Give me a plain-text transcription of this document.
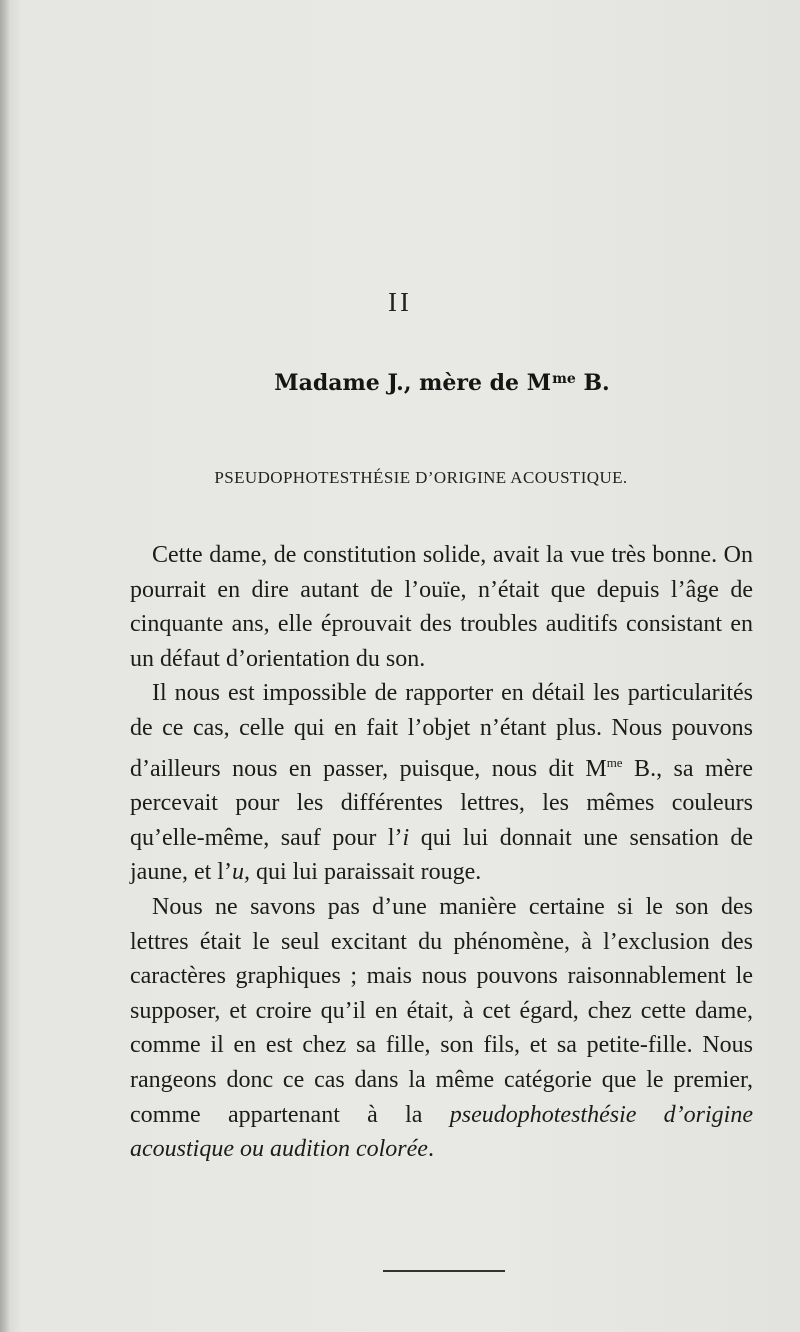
II
Madame J., mère de $M^{me}$ B.
PSEUDOPHOTESTHÉSIE D’ORIGINE ACOUSTIQUE.

Cette dame, de constitution solide, avait la vue très bonne. On pourrait en dire autant de l’ouïe, n’était que depuis l’âge de cinquante ans, elle éprouvait des troubles auditifs consistant en un défaut d’orientation du son.

Il nous est impossible de rapporter en détail les particularités de ce cas, celle qui en fait l’objet n’étant plus. Nous pouvons d’ailleurs nous en passer, puisque, nous dit $M^{me}$ B., sa mère percevait pour les différentes lettres, les mêmes couleurs qu’elle-même, sauf pour l’i qui lui donnait une sensation de jaune, et l’u, qui lui paraissait rouge.

Nous ne savons pas d’une manière certaine si le son des lettres était le seul excitant du phénomène, à l’exclusion des caractères graphiques ; mais nous pouvons raisonnablement le supposer, et croire qu’il en était, à cet égard, chez cette dame, comme il en est chez sa fille, son fils, et sa petite-fille. Nous rangeons donc ce cas dans la même catégorie que le premier, comme appartenant à la pseudophotesthésie d’origine acoustique ou audition colorée.
